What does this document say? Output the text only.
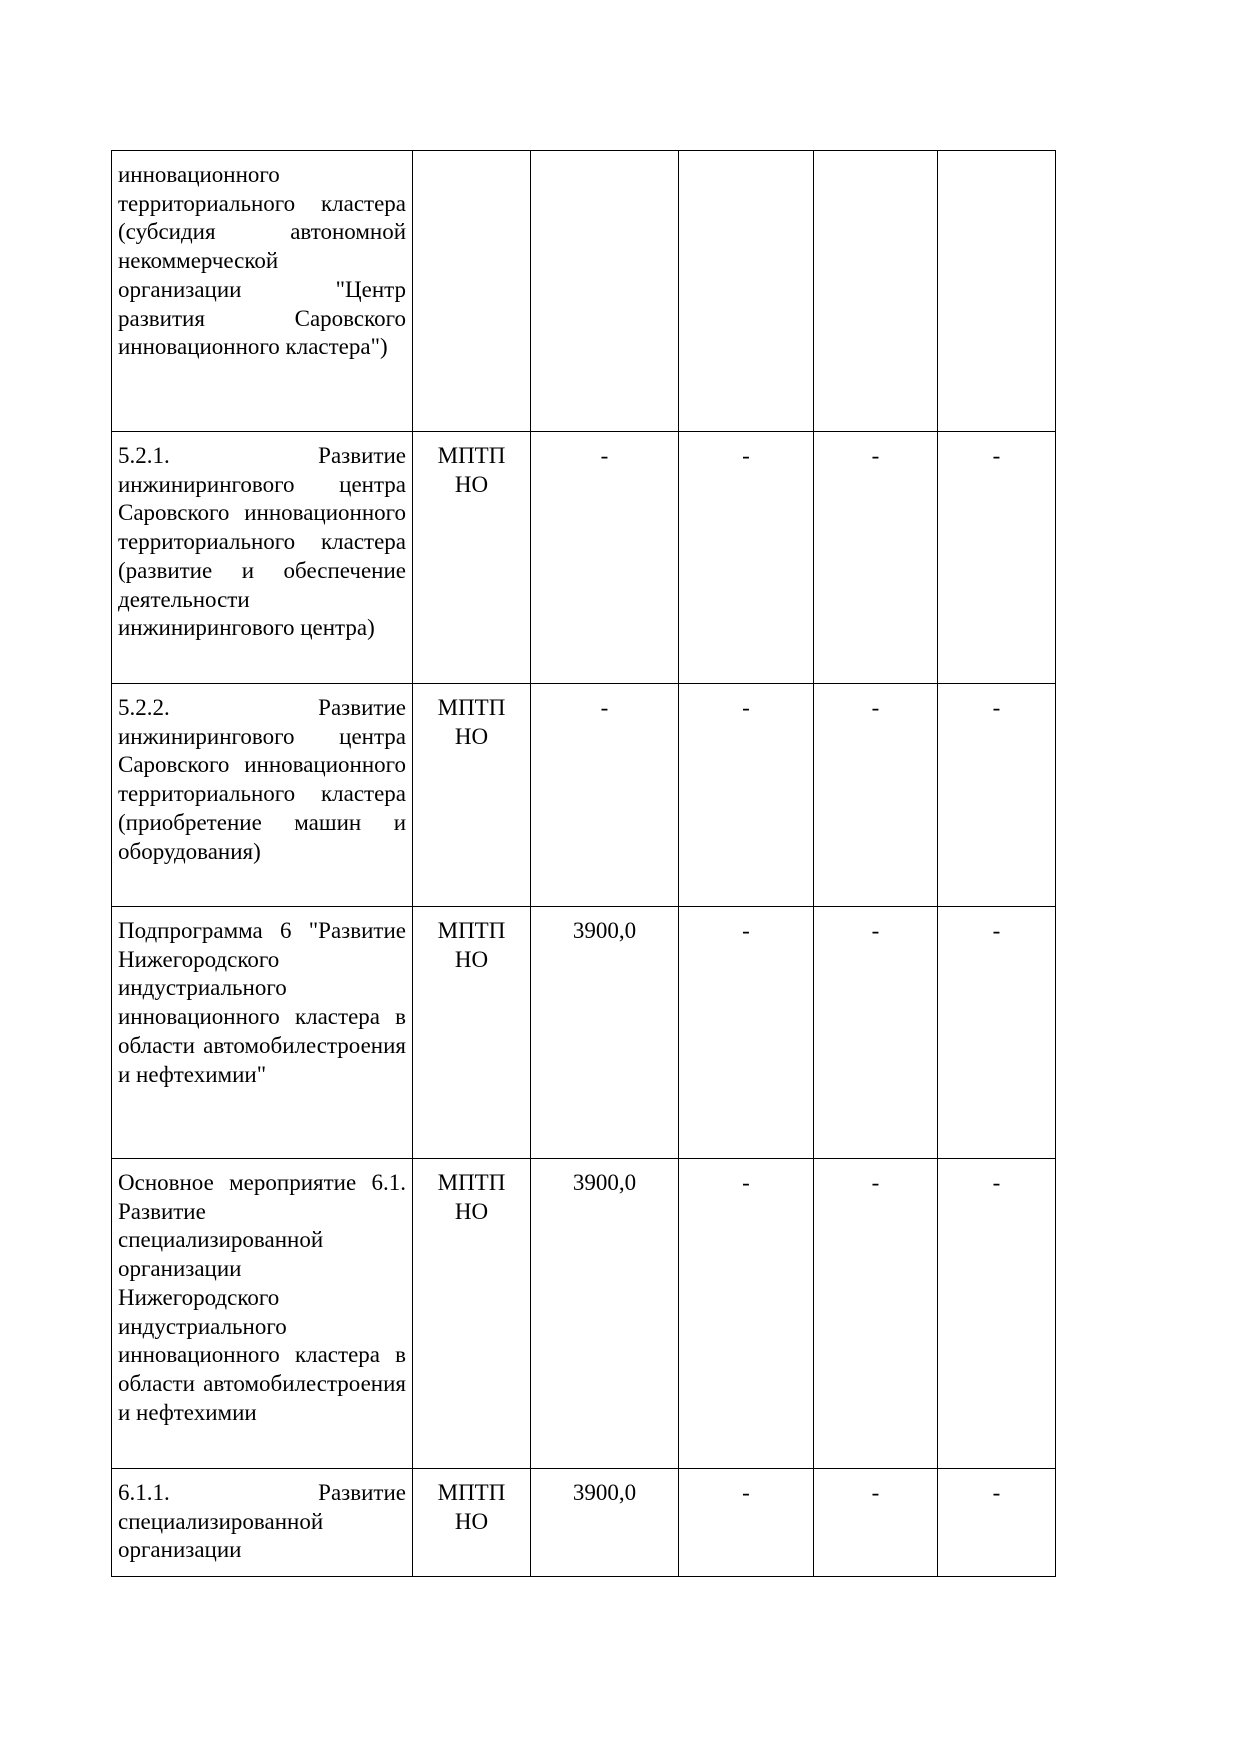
инновационного территориального кластера (субсидия автономной некоммерческой организации "Центр развития Саровского инновационного кластера")					

5.2.1. Развитие инжинирингового центра Саровского инновационного территориального кластера (развитие и обеспечение деятельности инжинирингового центра)	МПТП НО	-	-	-	-

5.2.2. Развитие инжинирингового центра Саровского инновационного территориального кластера (приобретение машин и оборудования)	МПТП НО	-	-	-	-

Подпрограмма 6 "Развитие Нижегородского индустриального инновационного кластера в области автомобилестроения и нефтехимии"	МПТП НО	3900,0	-	-	-

Основное мероприятие 6.1. Развитие специализированной организации Нижегородского индустриального инновационного кластера в области автомобилестроения и нефтехимии	МПТП НО	3900,0	-	-	-

6.1.1. Развитие специализированной организации	МПТП НО	3900,0	-	-	-
